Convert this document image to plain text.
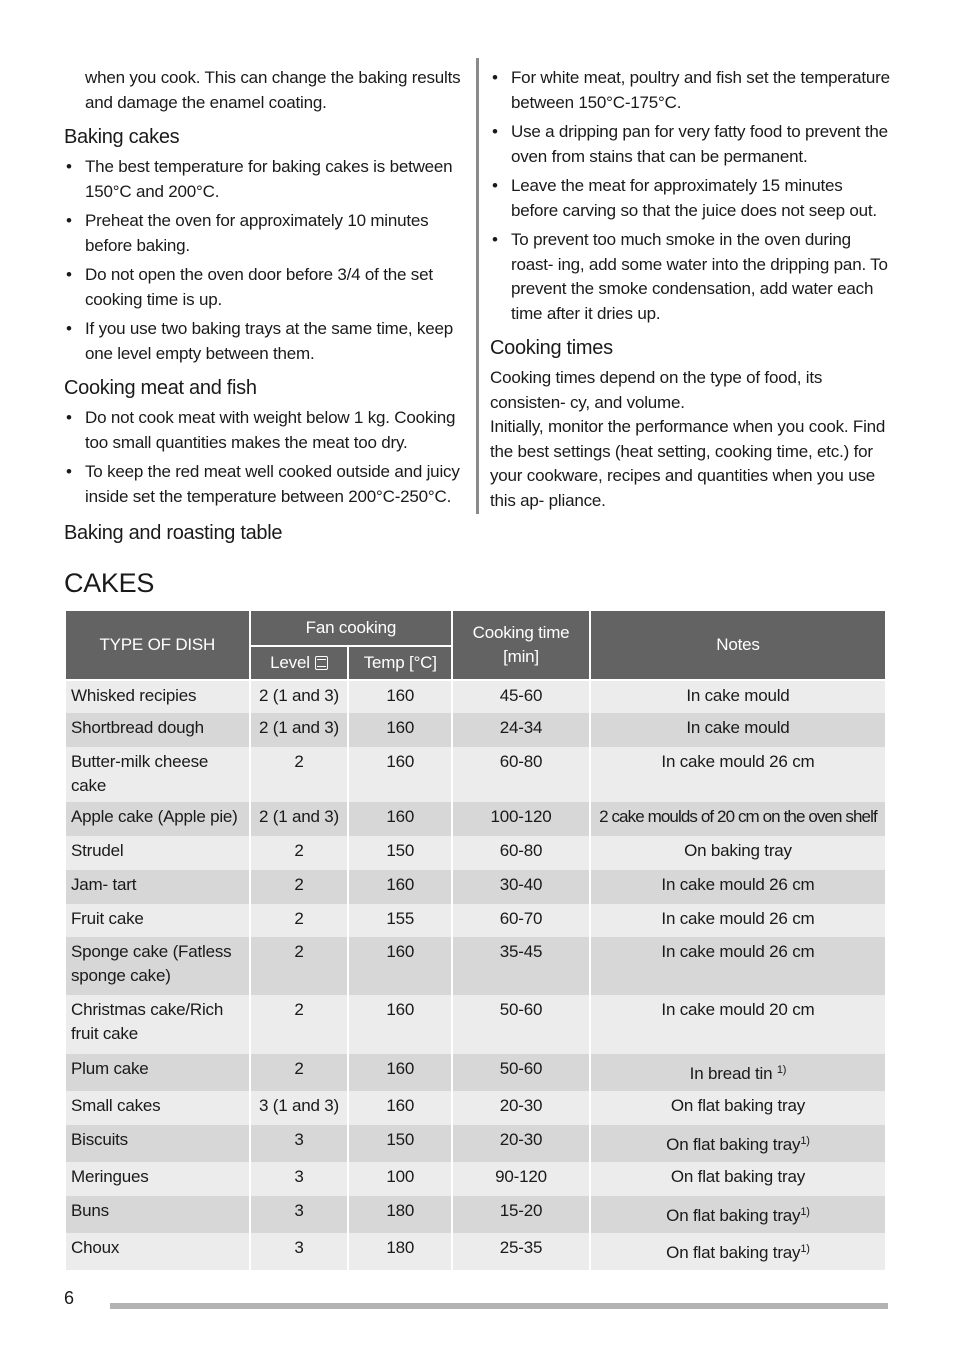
when you cook. This can change the baking results and damage the enamel coating.

Baking cakes
• The best temperature for baking cakes is between 150°C and 200°C.
• Preheat the oven for approximately 10 minutes before baking.
• Do not open the oven door before 3/4 of the set cooking time is up.
• If you use two baking trays at the same time, keep one level empty between them.
Cooking meat and fish
• Do not cook meat with weight below 1 kg. Cooking too small quantities makes the meat too dry.
• To keep the red meat well cooked outside and juicy inside set the temperature between 200°C-250°C.
• For white meat, poultry and fish set the temperature between 150°C-175°C.
• Use a dripping pan for very fatty food to prevent the oven from stains that can be permanent.
• Leave the meat for approximately 15 minutes before carving so that the juice does not seep out.
• To prevent too much smoke in the oven during roast- ing, add some water into the dripping pan. To prevent the smoke condensation, add water each time after it dries up.
Cooking times

Cooking times depend on the type of food, its consisten- cy, and volume.

Initially, monitor the performance when you cook. Find the best settings (heat setting, cooking time, etc.) for your cookware, recipes and quantities when you use this ap- pliance.

Baking and roasting table
CAKES
TYPE OF DISH	Fan cooking		Cooking time [min]	Notes
	Level	Temp [°C]		
Whisked recipies	2 (1 and 3)	160	45-60	In cake mould
Shortbread dough	2 (1 and 3)	160	24-34	In cake mould
Butter-milk cheese cake	2	160	60-80	In cake mould 26 cm
Apple cake (Apple pie)	2 (1 and 3)	160	100-120	2 cake moulds of 20 cm on the oven shelf
Strudel	2	150	60-80	On baking tray
Jam- tart	2	160	30-40	In cake mould 26 cm
Fruit cake	2	155	60-70	In cake mould 26 cm
Sponge cake (Fatless sponge cake)	2	160	35-45	In cake mould 26 cm
Christmas cake/Rich fruit cake	2	160	50-60	In cake mould 20 cm
Plum cake	2	160	50-60	In bread tin $^{1)}$
Small cakes	3 (1 and 3)	160	20-30	On flat baking tray
Biscuits	3	150	20-30	On flat baking tray$^{1)}$
Meringues	3	100	90-120	On flat baking tray
Buns	3	180	15-20	On flat baking tray$^{1)}$
Choux	3	180	25-35	On flat baking tray$^{1)}$
6
